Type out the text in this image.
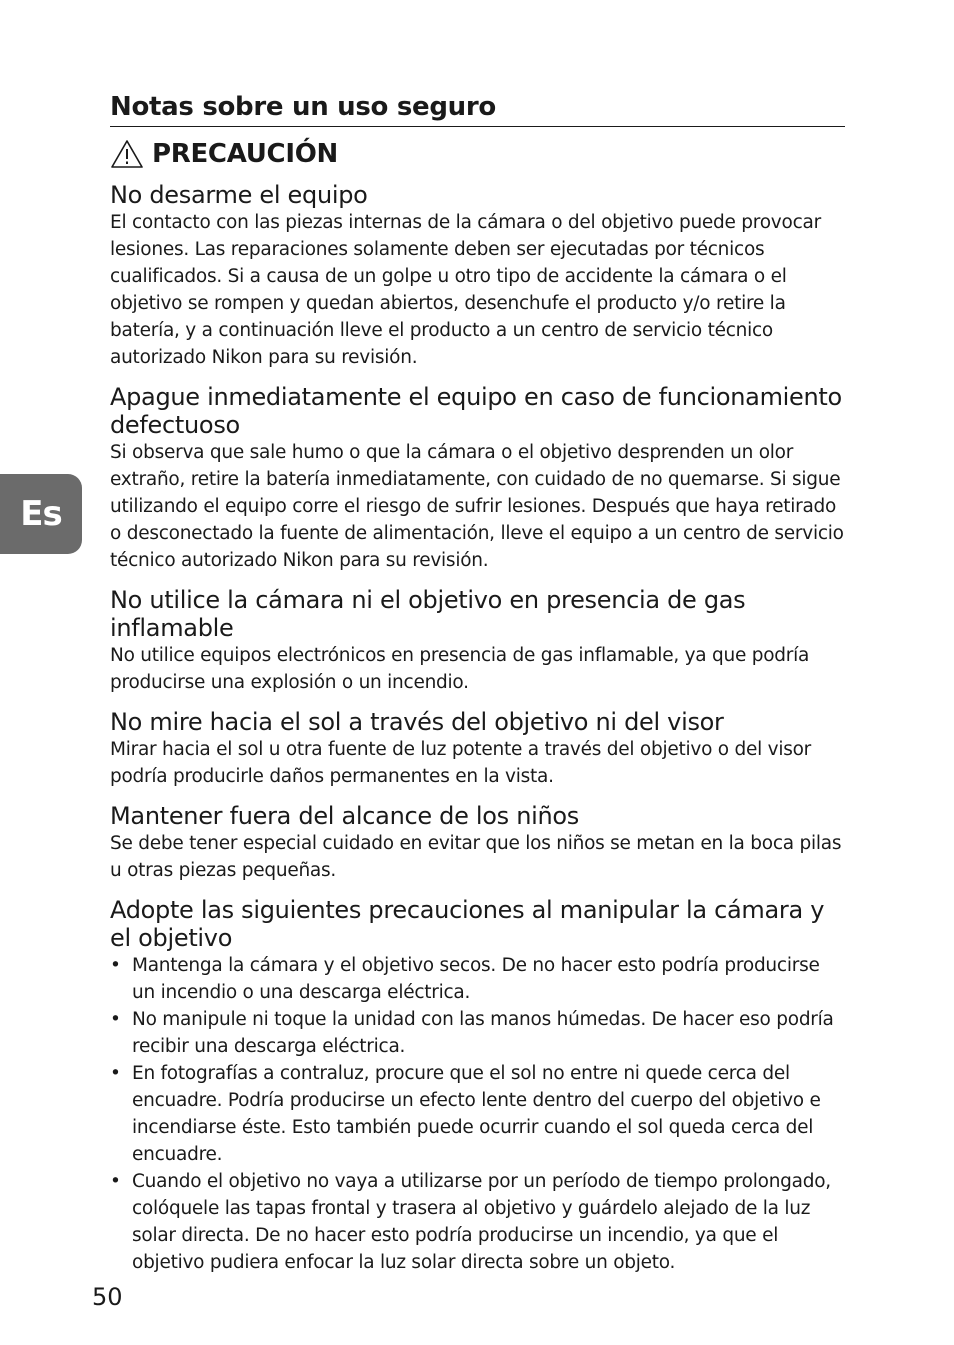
Es
Notas sobre un uso seguro
PRECAUCIÓN
No desarme el equipo

El contacto con las piezas internas de la cámara o del objetivo puede provocar lesiones. Las reparaciones solamente deben ser ejecutadas por técnicos cualificados. Si a causa de un golpe u otro tipo de accidente la cámara o el objetivo se rompen y quedan abiertos, desenchufe el producto y/o retire la batería, y a continuación lleve el producto a un centro de servicio técnico autorizado Nikon para su revisión.

Apague inmediatamente el equipo en caso de funcionamiento defectuoso

Si observa que sale humo o que la cámara o el objetivo desprenden un olor extraño, retire la batería inmediatamente, con cuidado de no quemarse. Si sigue utilizando el equipo corre el riesgo de sufrir lesiones. Después que haya retirado o desconectado la fuente de alimentación, lleve el equipo a un centro de servicio técnico autorizado Nikon para su revisión.

No utilice la cámara ni el objetivo en presencia de gas inflamable

No utilice equipos electrónicos en presencia de gas inflamable, ya que podría producirse una explosión o un incendio.

No mire hacia el sol a través del objetivo ni del visor

Mirar hacia el sol u otra fuente de luz potente a través del objetivo o del visor podría producirle daños permanentes en la vista.

Mantener fuera del alcance de los niños

Se debe tener especial cuidado en evitar que los niños se metan en la boca pilas u otras piezas pequeñas.

Adopte las siguientes precauciones al manipular la cámara y el objetivo
• Mantenga la cámara y el objetivo secos. De no hacer esto podría producirse un incendio o una descarga eléctrica.
• No manipule ni toque la unidad con las manos húmedas. De hacer eso podría recibir una descarga eléctrica.
• En fotografías a contraluz, procure que el sol no entre ni quede cerca del encuadre. Podría producirse un efecto lente dentro del cuerpo del objetivo e incendiarse éste. Esto también puede ocurrir cuando el sol queda cerca del encuadre.
• Cuando el objetivo no vaya a utilizarse por un período de tiempo prolongado, colóquele las tapas frontal y trasera al objetivo y guárdelo alejado de la luz solar directa. De no hacer esto podría producirse un incendio, ya que el objetivo pudiera enfocar la luz solar directa sobre un objeto.
50
